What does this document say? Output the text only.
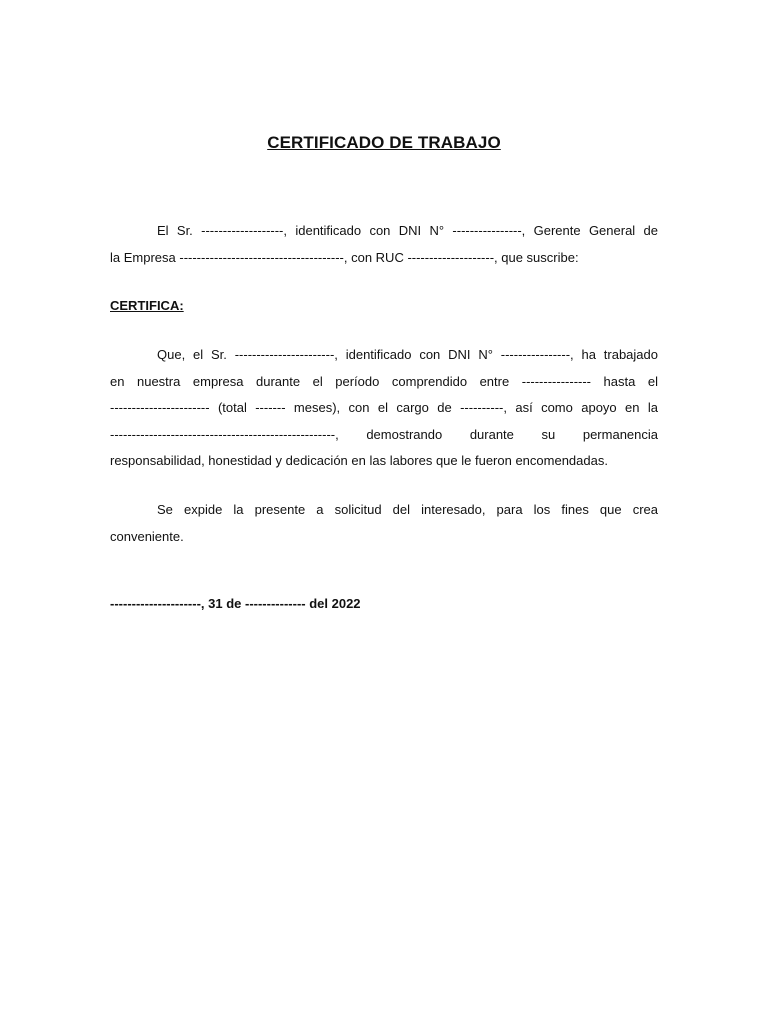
CERTIFICADO DE TRABAJO
El Sr. -------------------, identificado con DNI N° ----------------, Gerente General de
la Empresa --------------------------------------, con RUC --------------------, que suscribe:
CERTIFICA:
Que, el Sr. -----------------------, identificado con DNI N° ----------------, ha trabajado
en nuestra empresa durante el período comprendido entre ---------------- hasta el
----------------------- (total ------- meses), con el cargo de ----------, así como apoyo en la
----------------------------------------------------, demostrando durante su permanencia
responsabilidad, honestidad y dedicación en las labores que le fueron encomendadas.
Se expide la presente a solicitud del interesado, para los fines que crea
conveniente.
---------------------, 31 de -------------- del 2022
